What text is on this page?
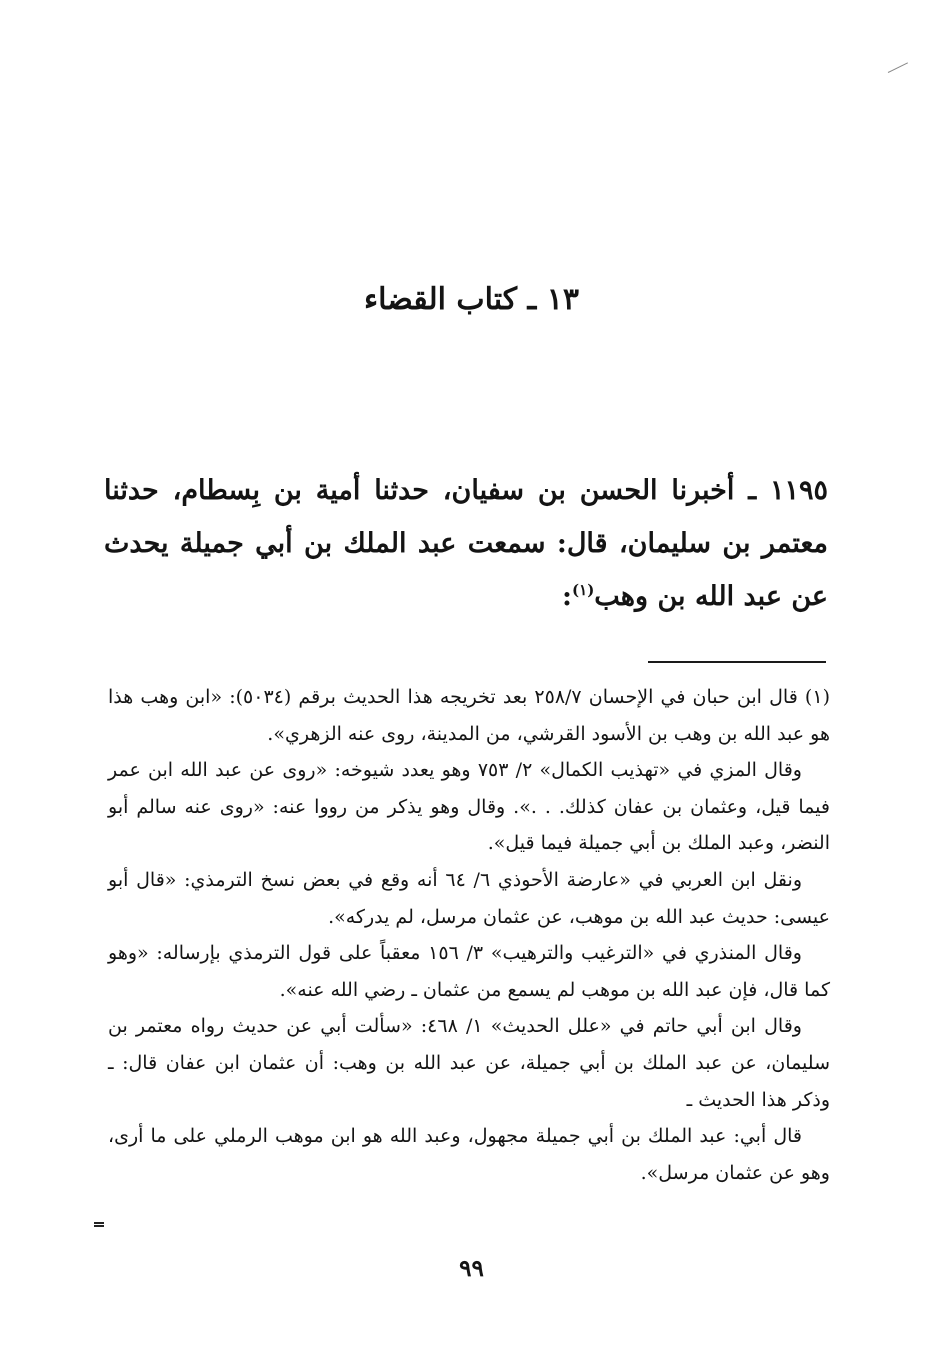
١٣ ـ كتاب القضاء
١١٩٥ ـ أخبرنا الحسن بن سفيان، حدثنا أمية بن بِسطام، حدثنا معتمر بن سليمان، قال: سمعت عبد الملك بن أبي جميلة يحدث عن عبد الله بن وهب$^{(١)}$:

(١) قال ابن حبان في الإحسان ٢٥٨/٧ بعد تخريجه هذا الحديث برقم (٥٠٣٤): «ابن وهب هذا هو عبد الله بن وهب بن الأسود القرشي، من المدينة، روى عنه الزهري».

وقال المزي في «تهذيب الكمال» ٢/ ٧٥٣ وهو يعدد شيوخه: «روى عن عبد الله ابن عمر فيما قيل، وعثمان بن عفان كذلك. . .». وقال وهو يذكر من رووا عنه: «روى عنه سالم أبو النضر، وعبد الملك بن أبي جميلة فيما قيل».

ونقل ابن العربي في «عارضة الأحوذي ٦/ ٦٤ أنه وقع في بعض نسخ الترمذي: «قال أبو عيسى: حديث عبد الله بن موهب، عن عثمان مرسل، لم يدركه».

وقال المنذري في «الترغيب والترهيب» ٣/ ١٥٦ معقباً على قول الترمذي بإرساله: «وهو كما قال، فإن عبد الله بن موهب لم يسمع من عثمان ـ رضي الله عنه».

وقال ابن أبي حاتم في «علل الحديث» ١/ ٤٦٨: «سألت أبي عن حديث رواه معتمر بن سليمان، عن عبد الملك بن أبي جميلة، عن عبد الله بن وهب: أن عثمان ابن عفان قال: ـ وذكر هذا الحديث ـ

قال أبي: عبد الملك بن أبي جميلة مجهول، وعبد الله هو ابن موهب الرملي على ما أرى، وهو عن عثمان مرسل».

٩٩
